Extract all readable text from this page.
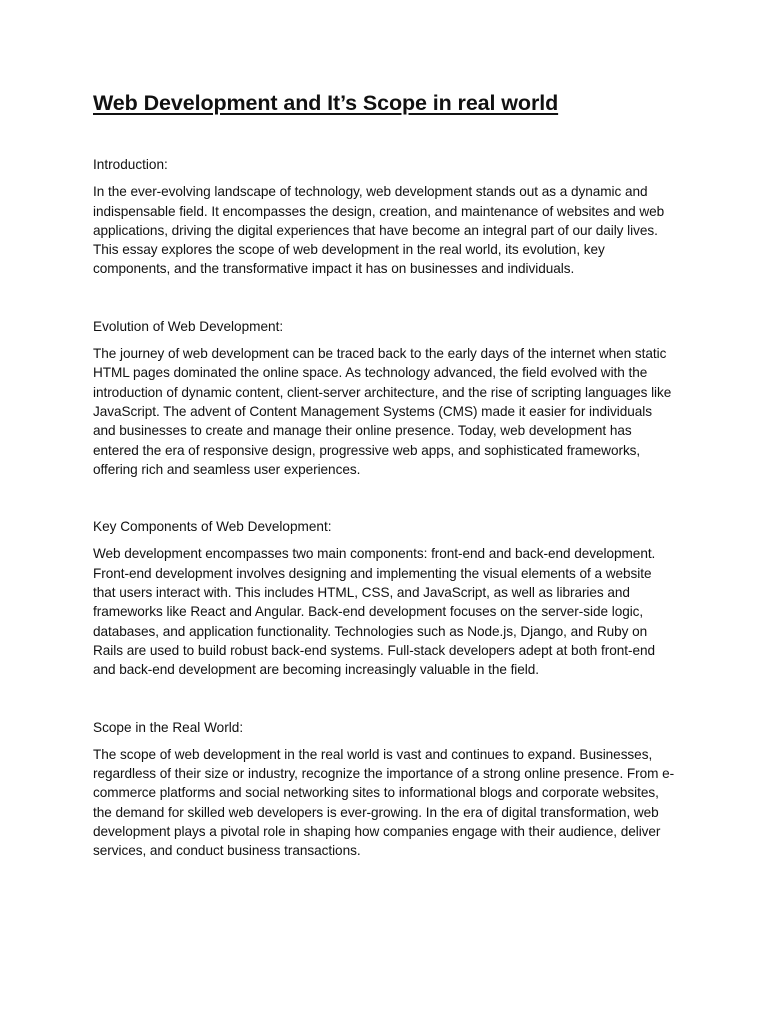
Web Development and It’s Scope in real world

Introduction:

In the ever-evolving landscape of technology, web development stands out as a dynamic and indispensable field. It encompasses the design, creation, and maintenance of websites and web applications, driving the digital experiences that have become an integral part of our daily lives. This essay explores the scope of web development in the real world, its evolution, key components, and the transformative impact it has on businesses and individuals.

Evolution of Web Development:

The journey of web development can be traced back to the early days of the internet when static HTML pages dominated the online space. As technology advanced, the field evolved with the introduction of dynamic content, client-server architecture, and the rise of scripting languages like JavaScript. The advent of Content Management Systems (CMS) made it easier for individuals and businesses to create and manage their online presence. Today, web development has entered the era of responsive design, progressive web apps, and sophisticated frameworks, offering rich and seamless user experiences.

Key Components of Web Development:

Web development encompasses two main components: front-end and back-end development. Front-end development involves designing and implementing the visual elements of a website that users interact with. This includes HTML, CSS, and JavaScript, as well as libraries and frameworks like React and Angular. Back-end development focuses on the server-side logic, databases, and application functionality. Technologies such as Node.js, Django, and Ruby on Rails are used to build robust back-end systems. Full-stack developers adept at both front-end and back-end development are becoming increasingly valuable in the field.

Scope in the Real World:

The scope of web development in the real world is vast and continues to expand. Businesses, regardless of their size or industry, recognize the importance of a strong online presence. From e-commerce platforms and social networking sites to informational blogs and corporate websites, the demand for skilled web developers is ever-growing. In the era of digital transformation, web development plays a pivotal role in shaping how companies engage with their audience, deliver services, and conduct business transactions.
